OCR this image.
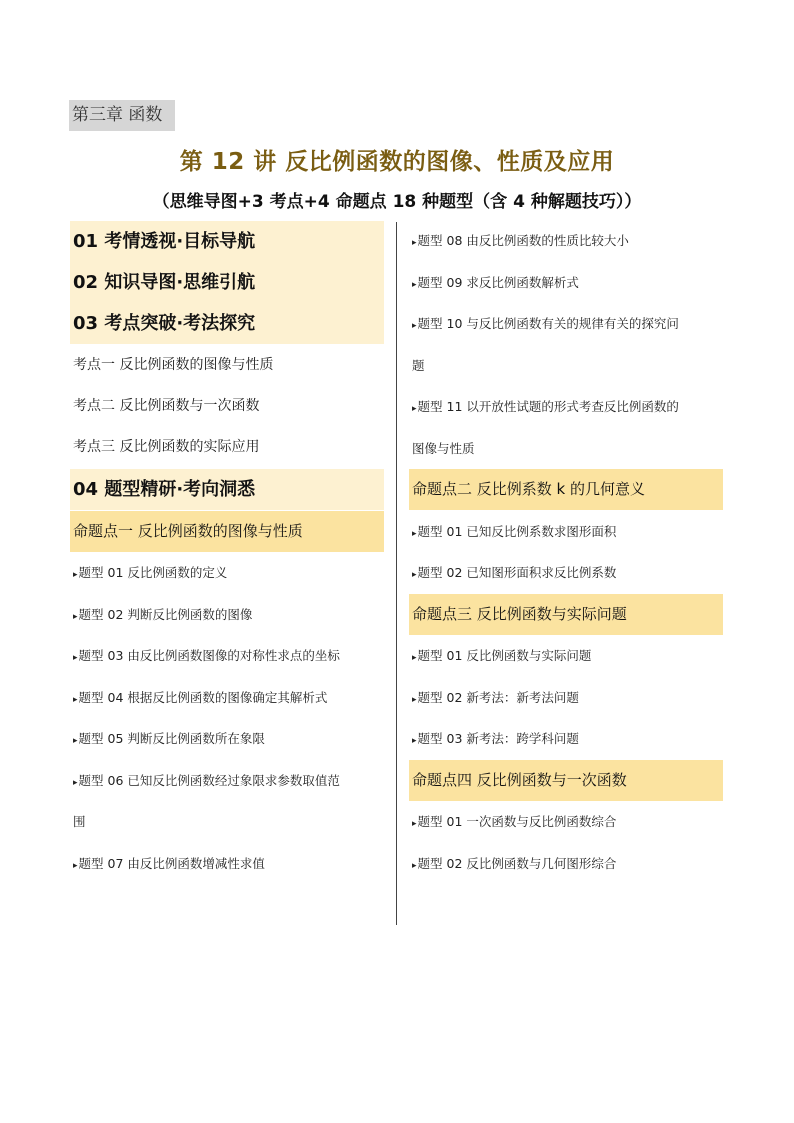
第三章 函数
第 12 讲 反比例函数的图像、性质及应用
（思维导图+3 考点+4 命题点 18 种题型（含 4 种解题技巧））
01 考情透视·目标导航
02 知识导图·思维引航
03 考点突破·考法探究
考点一 反比例函数的图像与性质
考点二 反比例函数与一次函数
考点三 反比例函数的实际应用
04 题型精研·考向洞悉
命题点一 反比例函数的图像与性质
▸题型 01 反比例函数的定义
▸题型 02 判断反比例函数的图像
▸题型 03 由反比例函数图像的对称性求点的坐标
▸题型 04 根据反比例函数的图像确定其解析式
▸题型 05 判断反比例函数所在象限
▸题型 06 已知反比例函数经过象限求参数取值范
围
▸题型 07 由反比例函数增减性求值
▸题型 08 由反比例函数的性质比较大小
▸题型 09 求反比例函数解析式
▸题型 10 与反比例函数有关的规律有关的探究问
题
▸题型 11 以开放性试题的形式考查反比例函数的
图像与性质
命题点二 反比例系数 k 的几何意义
▸题型 01 已知反比例系数求图形面积
▸题型 02 已知图形面积求反比例系数
命题点三 反比例函数与实际问题
▸题型 01 反比例函数与实际问题
▸题型 02 新考法：新考法问题
▸题型 03 新考法：跨学科问题
命题点四 反比例函数与一次函数
▸题型 01 一次函数与反比例函数综合
▸题型 02 反比例函数与几何图形综合
